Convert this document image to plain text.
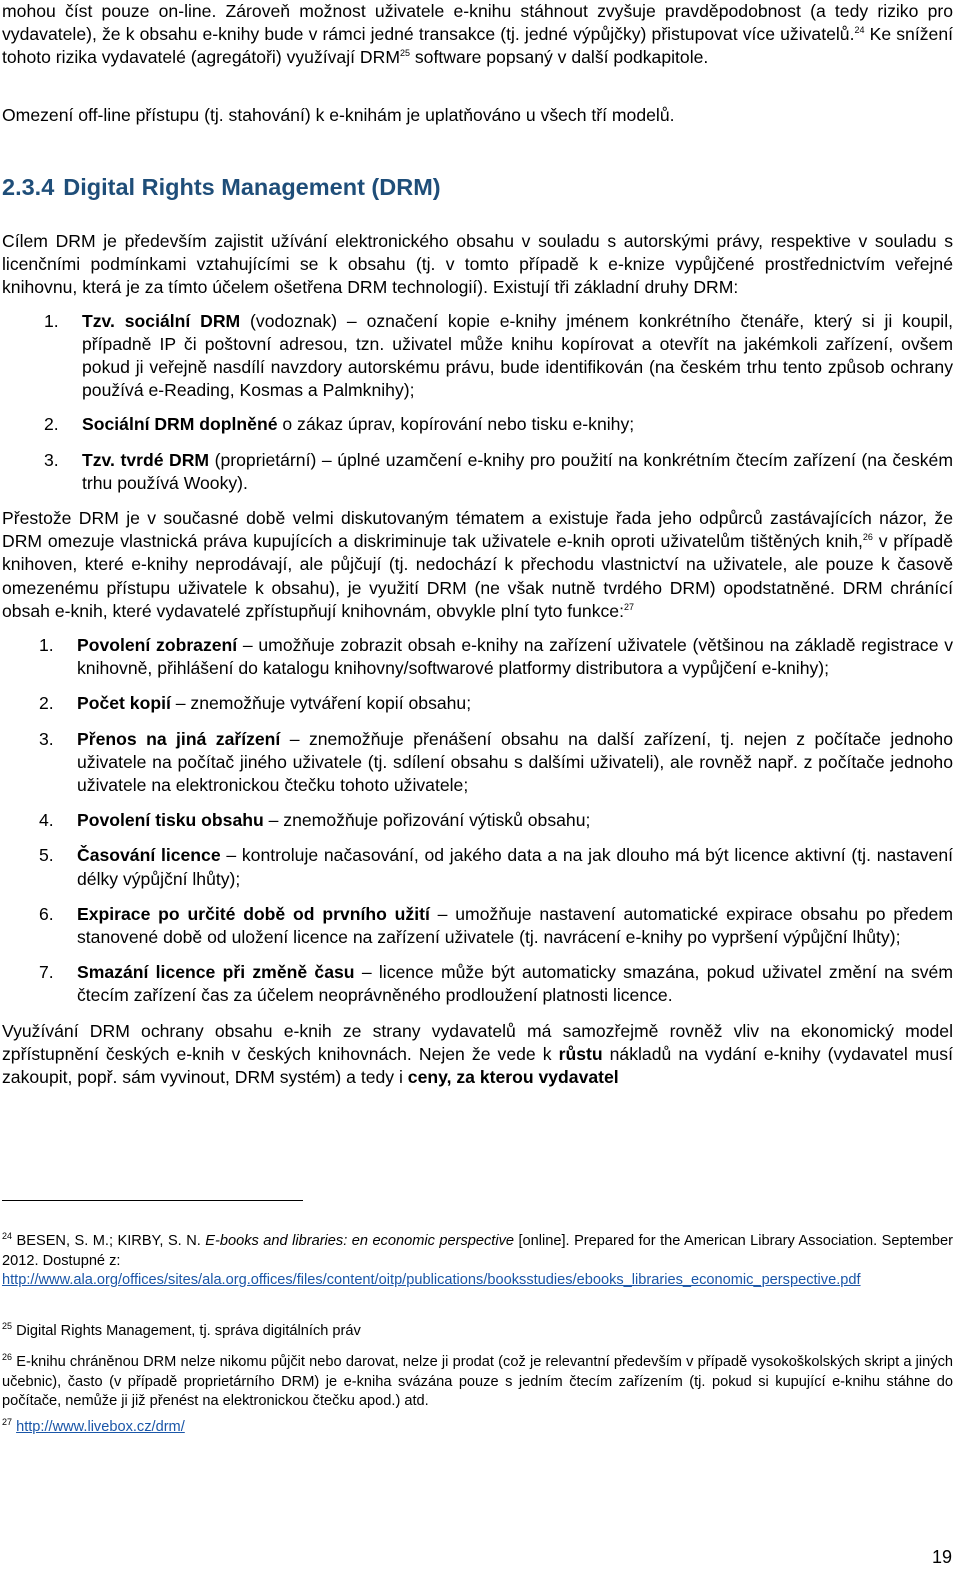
mohou číst pouze on-line. Zároveň možnost uživatele e-knihu stáhnout zvyšuje pravděpodobnost (a tedy riziko pro vydavatele), že k obsahu e-knihy bude v rámci jedné transakce (tj. jedné výpůjčky) přistupovat více uživatelů.$^{24}$ Ke snížení tohoto rizika vydavatelé (agregátoři) využívají DRM$^{25}$ software popsaný v další podkapitole.

Omezení off-line přístupu (tj. stahování) k e-knihám je uplatňováno u všech tří modelů.

2.3.4 Digital Rights Management (DRM)

Cílem DRM je především zajistit užívání elektronického obsahu v souladu s autorskými právy, respektive v souladu s licenčními podmínkami vztahujícími se k obsahu (tj. v tomto případě k e-knize vypůjčené prostřednictvím veřejné knihovnu, která je za tímto účelem ošetřena DRM technologií). Existují tři základní druhy DRM:

1. Tzv. sociální DRM (vodoznak) – označení kopie e-knihy jménem konkrétního čtenáře, který si ji koupil, případně IP či poštovní adresou, tzn. uživatel může knihu kopírovat a otevřít na jakémkoli zařízení, ovšem pokud ji veřejně nasdílí navzdory autorskému právu, bude identifikován (na českém trhu tento způsob ochrany používá e-Reading, Kosmas a Palmknihy);
2. Sociální DRM doplněné o zákaz úprav, kopírování nebo tisku e-knihy;
3. Tzv. tvrdé DRM (proprietární) – úplné uzamčení e-knihy pro použití na konkrétním čtecím zařízení (na českém trhu používá Wooky).

Přestože DRM je v současné době velmi diskutovaným tématem a existuje řada jeho odpůrců zastávajících názor, že DRM omezuje vlastnická práva kupujících a diskriminuje tak uživatele e-knih oproti uživatelům tištěných knih,$^{26}$ v případě knihoven, které e-knihy neprodávají, ale půjčují (tj. nedochází k přechodu vlastnictví na uživatele, ale pouze k časově omezenému přístupu uživatele k obsahu), je využití DRM (ne však nutně tvrdého DRM) opodstatněné. DRM chránící obsah e-knih, které vydavatelé zpřístupňují knihovnám, obvykle plní tyto funkce:$^{27}$

1. Povolení zobrazení – umožňuje zobrazit obsah e-knihy na zařízení uživatele (většinou na základě registrace v knihovně, přihlášení do katalogu knihovny/softwarové platformy distributora a vypůjčení e-knihy);
2. Počet kopií – znemožňuje vytváření kopií obsahu;
3. Přenos na jiná zařízení – znemožňuje přenášení obsahu na další zařízení, tj. nejen z počítače jednoho uživatele na počítač jiného uživatele (tj. sdílení obsahu s dalšími uživateli), ale rovněž např. z počítače jednoho uživatele na elektronickou čtečku tohoto uživatele;
4. Povolení tisku obsahu – znemožňuje pořizování výtisků obsahu;
5. Časování licence – kontroluje načasování, od jakého data a na jak dlouho má být licence aktivní (tj. nastavení délky výpůjční lhůty);
6. Expirace po určité době od prvního užití – umožňuje nastavení automatické expirace obsahu po předem stanovené době od uložení licence na zařízení uživatele (tj. navrácení e-knihy po vypršení výpůjční lhůty);
7. Smazání licence při změně času – licence může být automaticky smazána, pokud uživatel změní na svém čtecím zařízení čas za účelem neoprávněného prodloužení platnosti licence.

Využívání DRM ochrany obsahu e-knih ze strany vydavatelů má samozřejmě rovněž vliv na ekonomický model zpřístupnění českých e-knih v českých knihovnách. Nejen že vede k růstu nákladů na vydání e-knihy (vydavatel musí zakoupit, popř. sám vyvinout, DRM systém) a tedy i ceny, za kterou vydavatel

$^{24}$ BESEN, S. M.; KIRBY, S. N. E-books and libraries: en economic perspective [online]. Prepared for the American Library Association. September 2012. Dostupné z:
http://www.ala.org/offices/sites/ala.org.offices/files/content/oitp/publications/booksstudies/ebooks_libraries_economic_perspective.pdf
$^{25}$ Digital Rights Management, tj. správa digitálních práv
$^{26}$ E-knihu chráněnou DRM nelze nikomu půjčit nebo darovat, nelze ji prodat (což je relevantní především v případě vysokoškolských skript a jiných učebnic), často (v případě proprietárního DRM) je e-kniha svázána pouze s jedním čtecím zařízením (tj. pokud si kupující e-knihu stáhne do počítače, nemůže ji již přenést na elektronickou čtečku apod.) atd.
$^{27}$ http://www.livebox.cz/drm/
19
